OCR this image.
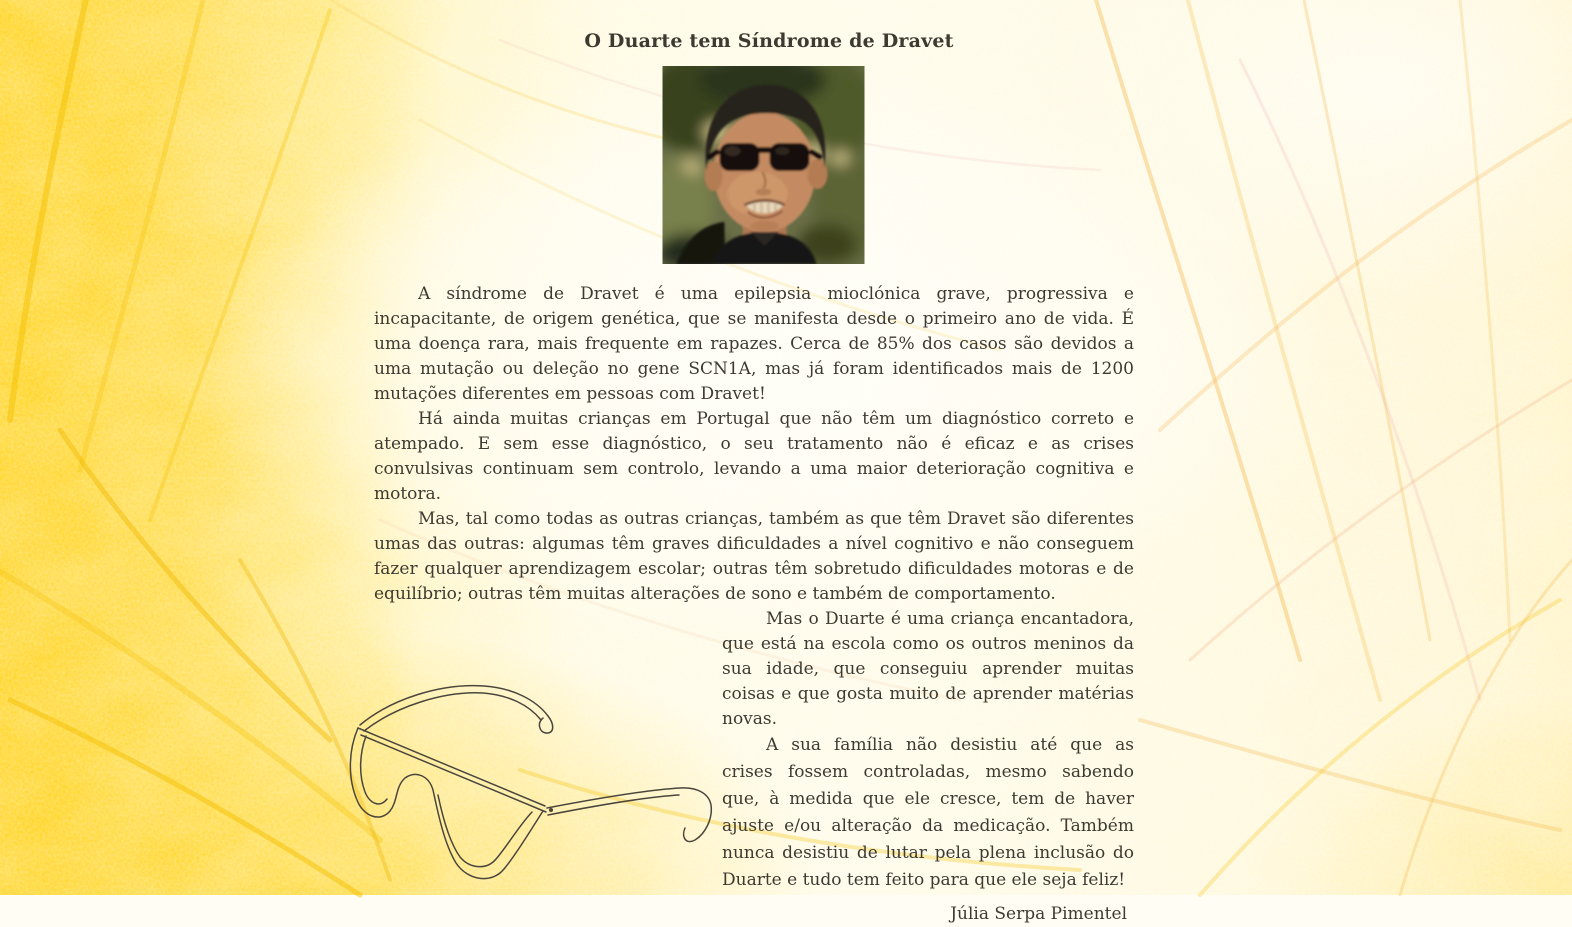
O Duarte tem Síndrome de Dravet

A síndrome de Dravet é uma epilepsia mioclónica grave, progressiva e incapacitante, de origem genética, que se manifesta desde o primeiro ano de vida. É uma doença rara, mais frequente em rapazes. Cerca de 85% dos casos são devidos a uma mutação ou deleção no gene SCN1A, mas já foram identificados mais de 1200 mutações diferentes em pessoas com Dravet!

Há ainda muitas crianças em Portugal que não têm um diagnóstico correto e atempado. E sem esse diagnóstico, o seu tratamento não é eficaz e as crises convulsivas continuam sem controlo, levando a uma maior deterioração cognitiva e motora.

Mas, tal como todas as outras crianças, também as que têm Dravet são diferentes umas das outras: algumas têm graves dificuldades a nível cognitivo e não conseguem fazer qualquer aprendizagem escolar; outras têm sobretudo dificuldades motoras e de equilíbrio; outras têm muitas alterações de sono e também de comportamento.

Mas o Duarte é uma criança encantadora, que está na escola como os outros meninos da sua idade, que conseguiu aprender muitas coisas e que gosta muito de aprender matérias novas.

A sua família não desistiu até que as crises fossem controladas, mesmo sabendo que, à medida que ele cresce, tem de haver ajuste e/ou alteração da medicação. Também nunca desistiu de lutar pela plena inclusão do Duarte e tudo tem feito para que ele seja feliz!

Júlia Serpa Pimentel
